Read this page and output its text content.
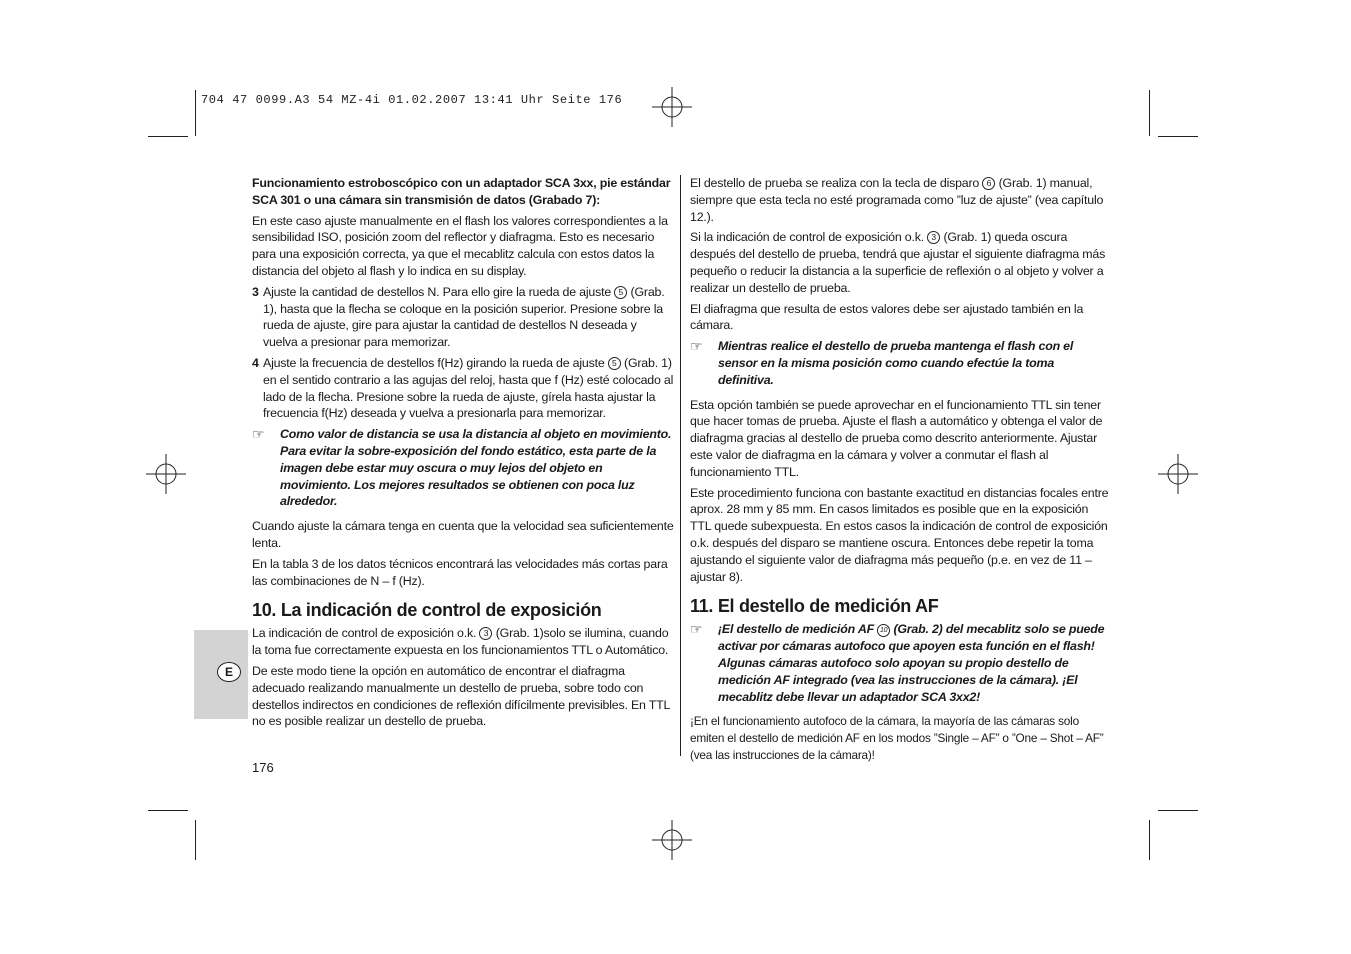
704 47 0099.A3 54 MZ-4i 01.02.2007 13:41 Uhr Seite 176
E

Funcionamiento estroboscópico con un adaptador SCA 3xx, pie estándar SCA 301 o una cámara sin transmisión de datos (Grabado 7):

En este caso ajuste manualmente en el flash los valores correspondientes a la sensibilidad ISO, posición zoom del reflector y diafragma. Esto es necesario para una exposición correcta, ya que el mecablitz calcula con estos datos la distancia del objeto al flash y lo indica en su display.

3 Ajuste la cantidad de destellos N. Para ello gire la rueda de ajuste 5 (Grab. 1), hasta que la flecha se coloque en la posición superior. Presione sobre la rueda de ajuste, gire para ajustar la cantidad de destellos N deseada y vuelva a presionar para memorizar.
4 Ajuste la frecuencia de destellos f(Hz) girando la rueda de ajuste 5 (Grab. 1) en el sentido contrario a las agujas del reloj, hasta que f (Hz) esté colocado al lado de la flecha. Presione sobre la rueda de ajuste, gírela hasta ajustar la frecuencia f(Hz) deseada y vuelva a presionarla para memorizar.
☞ Como valor de distancia se usa la distancia al objeto en movimiento. Para evitar la sobre-exposición del fondo estático, esta parte de la imagen debe estar muy oscura o muy lejos del objeto en movimiento. Los mejores resultados se obtienen con poca luz alrededor.

Cuando ajuste la cámara tenga en cuenta que la velocidad sea suficientemente lenta.

En la tabla 3 de los datos técnicos encontrará las velocidades más cortas para las combinaciones de N – f (Hz).

10. La indicación de control de exposición

La indicación de control de exposición o.k. 3 (Grab. 1)solo se ilumina, cuando la toma fue correctamente expuesta en los funcionamientos TTL o Automático.

De este modo tiene la opción en automático de encontrar el diafragma adecuado realizando manualmente un destello de prueba, sobre todo con destellos indirectos en condiciones de reflexión difícilmente previsibles. En TTL no es posible realizar un destello de prueba.

176

El destello de prueba se realiza con la tecla de disparo 6 (Grab. 1) manual, siempre que esta tecla no esté programada como ”luz de ajuste” (vea capítulo 12.).

Si la indicación de control de exposición o.k. 3 (Grab. 1) queda oscura después del destello de prueba, tendrá que ajustar el siguiente diafragma más pequeño o reducir la distancia a la superficie de reflexión o al objeto y volver a realizar un destello de prueba.

El diafragma que resulta de estos valores debe ser ajustado también en la cámara.

☞ Mientras realice el destello de prueba mantenga el flash con el sensor en la misma posición como cuando efectúe la toma definitiva.

Esta opción también se puede aprovechar en el funcionamiento TTL sin tener que hacer tomas de prueba. Ajuste el flash a automático y obtenga el valor de diafragma gracias al destello de prueba como descrito anteriormente. Ajustar este valor de diafragma en la cámara y volver a conmutar el flash al funcionamiento TTL.

Este procedimiento funciona con bastante exactitud en distancias focales entre aprox. 28 mm y 85 mm. En casos limitados es posible que en la exposición TTL quede subexpuesta. En estos casos la indicación de control de exposición o.k. después del disparo se mantiene oscura. Entonces debe repetir la toma ajustando el siguiente valor de diafragma más pequeño (p.e. en vez de 11 – ajustar 8).

11. El destello de medición AF
☞ ¡El destello de medición AF 10 (Grab. 2) del mecablitz solo se puede activar por cámaras autofoco que apoyen esta función en el flash! Algunas cámaras autofoco solo apoyan su propio destello de medición AF integrado (vea las instrucciones de la cámara). ¡El mecablitz debe llevar un adaptador SCA 3xx2!

¡En el funcionamiento autofoco de la cámara, la mayoría de las cámaras solo emiten el destello de medición AF en los modos ”Single – AF” o ”One – Shot – AF” (vea las instrucciones de la cámara)!
